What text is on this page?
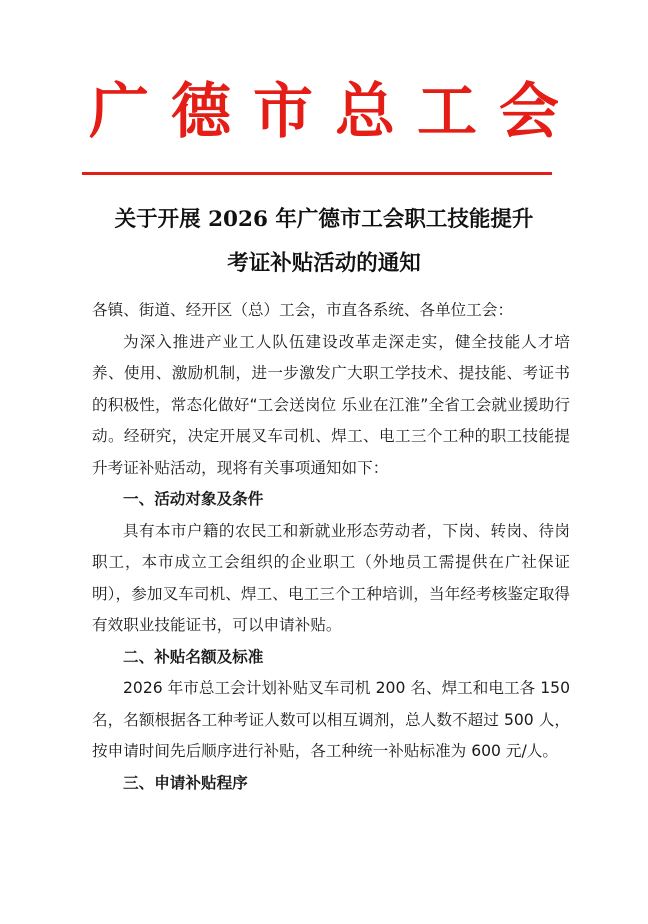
广德市总工会
关于开展 2026 年广德市工会职工技能提升
考证补贴活动的通知

各镇、街道、经开区（总）工会，市直各系统、各单位工会：

为深入推进产业工人队伍建设改革走深走实，健全技能人才培养、使用、激励机制，进一步激发广大职工学技术、提技能、考证书的积极性，常态化做好“工会送岗位 乐业在江淮”全省工会就业援助行动。经研究，决定开展叉车司机、焊工、电工三个工种的职工技能提升考证补贴活动，现将有关事项通知如下：

一、活动对象及条件

具有本市户籍的农民工和新就业形态劳动者，下岗、转岗、待岗职工，本市成立工会组织的企业职工（外地员工需提供在广社保证明），参加叉车司机、焊工、电工三个工种培训，当年经考核鉴定取得有效职业技能证书，可以申请补贴。

二、补贴名额及标准

2026 年市总工会计划补贴叉车司机 200 名、焊工和电工各 150 名，名额根据各工种考证人数可以相互调剂，总人数不超过 500 人，按申请时间先后顺序进行补贴，各工种统一补贴标准为 600 元/人。

三、申请补贴程序
